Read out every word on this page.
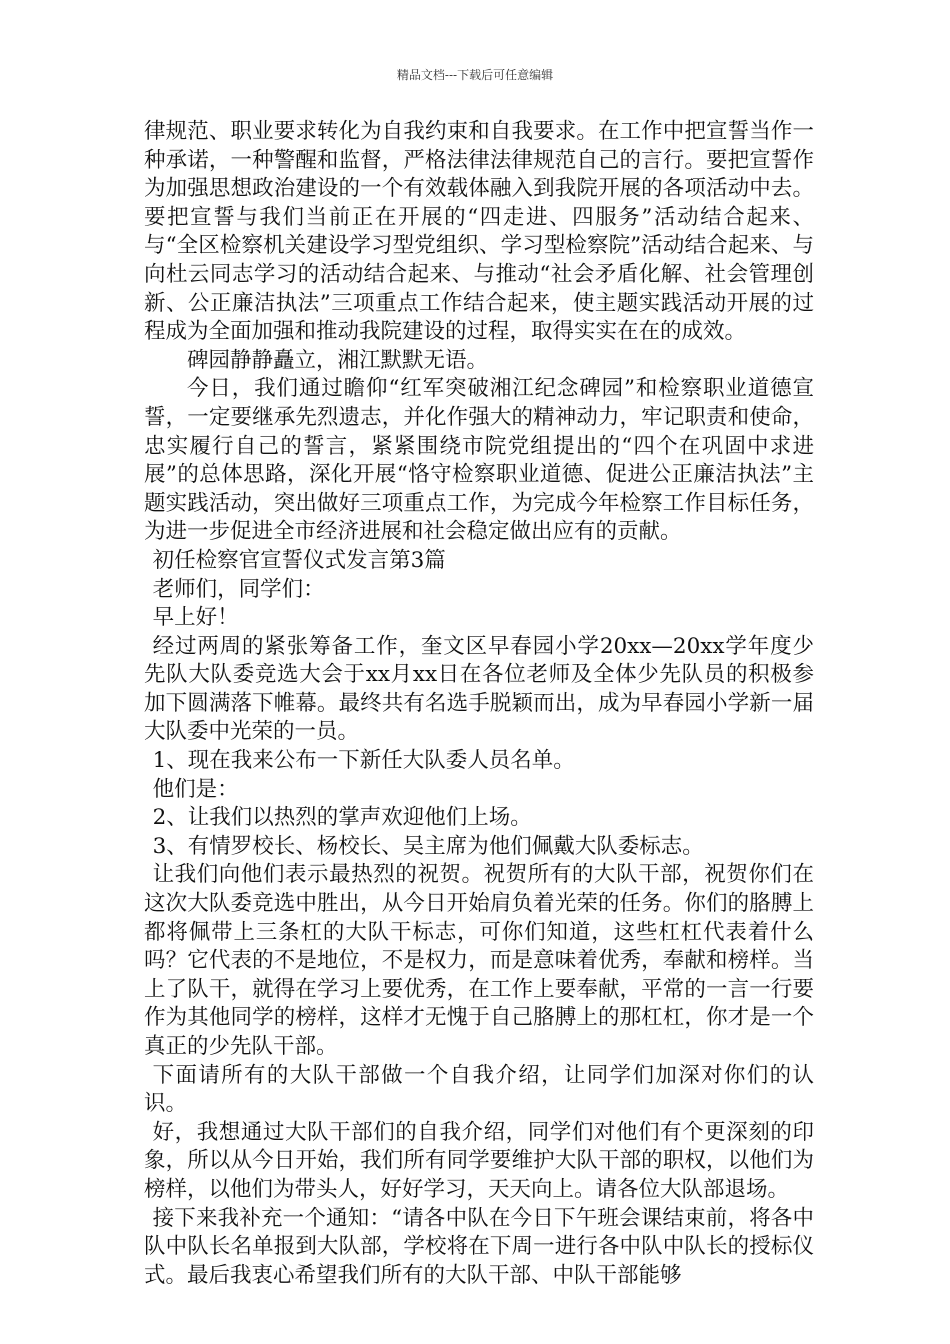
精品文档---下载后可任意编辑

律规范、职业要求转化为自我约束和自我要求。在工作中把宣誓当作一种承诺，一种警醒和监督，严格法律法律规范自己的言行。要把宣誓作为加强思想政治建设的一个有效载体融入到我院开展的各项活动中去。要把宣誓与我们当前正在开展的“四走进、四服务”活动结合起来、与“全区检察机关建设学习型党组织、学习型检察院”活动结合起来、与向杜云同志学习的活动结合起来、与推动“社会矛盾化解、社会管理创新、公正廉洁执法”三项重点工作结合起来，使主题实践活动开展的过程成为全面加强和推动我院建设的过程，取得实实在在的成效。

碑园静静矗立，湘江默默无语。

今日，我们通过瞻仰“红军突破湘江纪念碑园”和检察职业道德宣誓，一定要继承先烈遗志，并化作强大的精神动力，牢记职责和使命，忠实履行自己的誓言，紧紧围绕市院党组提出的“四个在巩固中求进展”的总体思路，深化开展“恪守检察职业道德、促进公正廉洁执法”主题实践活动，突出做好三项重点工作，为完成今年检察工作目标任务，为进一步促进全市经济进展和社会稳定做出应有的贡献。

初任检察官宣誓仪式发言第3篇

老师们，同学们：

早上好！

经过两周的紧张筹备工作，奎文区早春园小学20xx—20xx学年度少先队大队委竞选大会于xx月xx日在各位老师及全体少先队员的积极参加下圆满落下帷幕。最终共有名选手脱颖而出，成为早春园小学新一届大队委中光荣的一员。

1、现在我来公布一下新任大队委人员名单。

他们是：

2、让我们以热烈的掌声欢迎他们上场。

3、有情罗校长、杨校长、吴主席为他们佩戴大队委标志。

让我们向他们表示最热烈的祝贺。祝贺所有的大队干部，祝贺你们在这次大队委竞选中胜出，从今日开始肩负着光荣的任务。你们的胳膊上都将佩带上三条杠的大队干标志，可你们知道，这些杠杠代表着什么吗？它代表的不是地位，不是权力，而是意味着优秀，奉献和榜样。当上了队干，就得在学习上要优秀，在工作上要奉献，平常的一言一行要作为其他同学的榜样，这样才无愧于自己胳膊上的那杠杠，你才是一个真正的少先队干部。

下面请所有的大队干部做一个自我介绍，让同学们加深对你们的认识。

好，我想通过大队干部们的自我介绍，同学们对他们有个更深刻的印象，所以从今日开始，我们所有同学要维护大队干部的职权，以他们为榜样，以他们为带头人，好好学习，天天向上。请各位大队部退场。

接下来我补充一个通知：“请各中队在今日下午班会课结束前，将各中队中队长名单报到大队部，学校将在下周一进行各中队中队长的授标仪式。最后我衷心希望我们所有的大队干部、中队干部能够
